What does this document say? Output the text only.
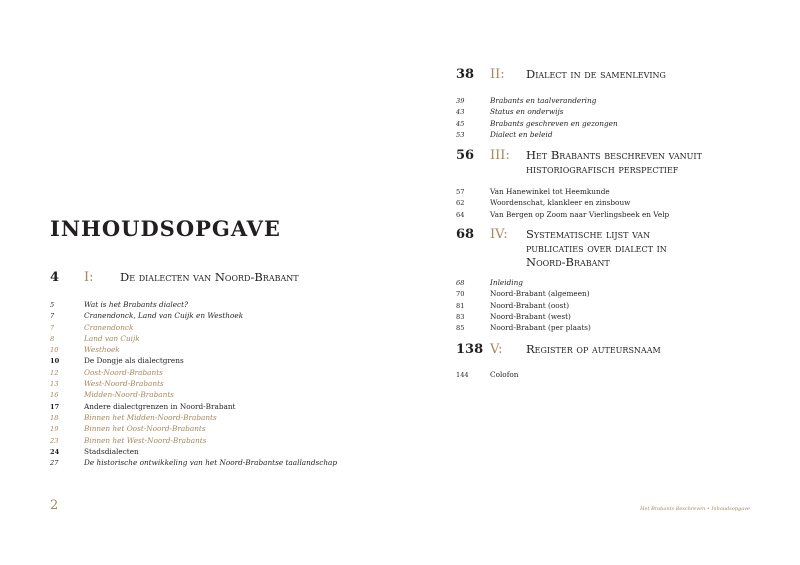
INHOUDSOPGAVE
4 I: De dialecten van Noord-Brabant
5	Wat is het Brabants dialect?
7	Cranendonck, Land van Cuijk en Westhoek
7	Cranendonck
8	Land van Cuijk
10	Westhoek
10	De Dongje als dialectgrens
12	Oost-Noord-Brabants
13	West-Noord-Brabants
16	Midden-Noord-Brabants
17	Andere dialectgrenzen in Noord-Brabant
18	Binnen het Midden-Noord-Brabants
19	Binnen het Oost-Noord-Brabants
23	Binnen het West-Noord-Brabants
24	Stadsdialecten
27	De historische ontwikkeling van het Noord-Brabantse taallandschap
2
38 II: Dialect in de samenleving
39	Brabants en taalverandering
43	Status en onderwijs
45	Brabants geschreven en gezongen
53	Dialect en beleid
56 III: Het Brabants beschreven vanuit
historiografisch perspectief
57	Van Hanewinkel tot Heemkunde
62	Woordenschat, klankleer en zinsbouw
64	Van Bergen op Zoom naar Vierlingsbeek en Velp
68 IV: Systematische lijst van
publicaties over dialect in
Noord-Brabant
68	Inleiding
70	Noord-Brabant (algemeen)
81	Noord-Brabant (oost)
83	Noord-Brabant (west)
85	Noord-Brabant (per plaats)
138 V: Register op auteursnaam
144	Colofon
Het Brabants Beschreven • Inhoudsopgave
